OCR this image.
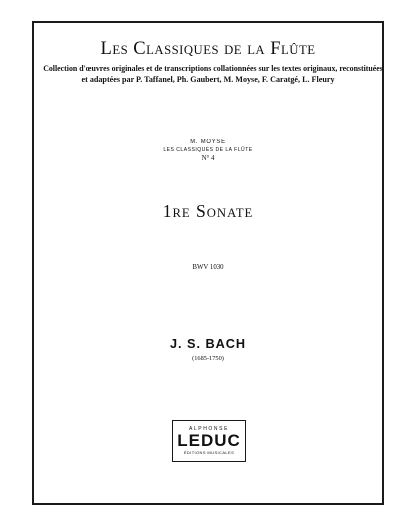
Les Classiques de la Flûte
Collection d'œuvres originales et de transcriptions collationnées sur les textes originaux, reconstituées
et adaptées par P. Taffanel, Ph. Gaubert, M. Moyse, F. Caratgé, L. Fleury
M. MOYSE
LES CLASSIQUES DE LA FLÛTE
N° 4
1re Sonate
BWV 1030
J. S. BACH
(1685-1750)
ALPHONSE
LEDUC
ÉDITIONS MUSICALES
